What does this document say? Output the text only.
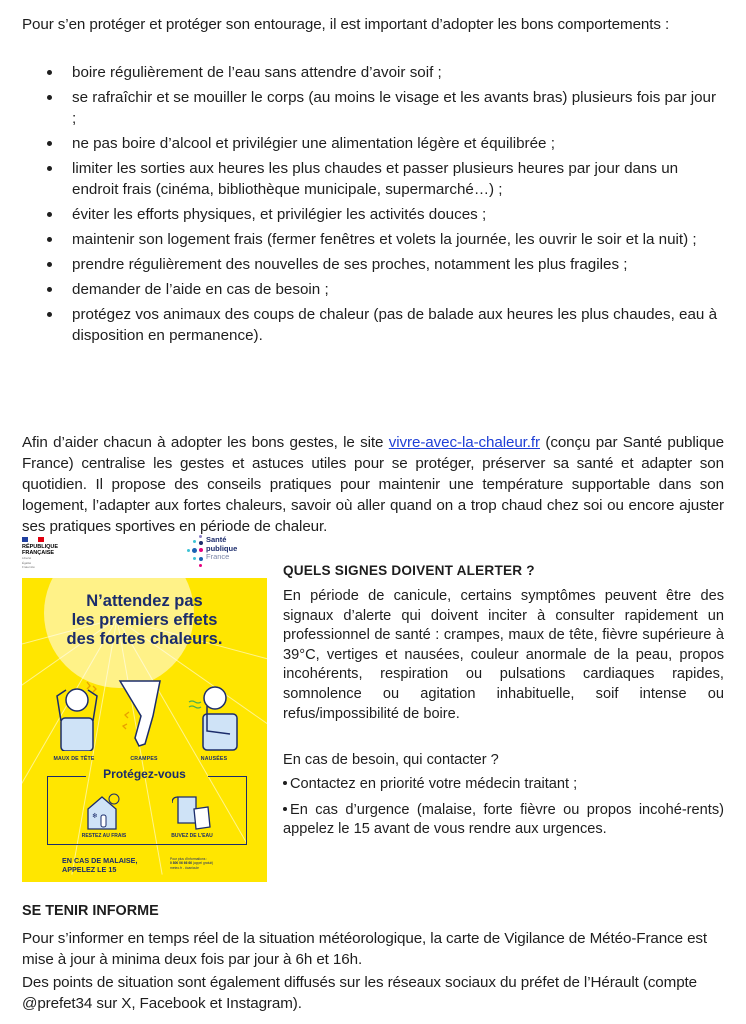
Pour s’en protéger et protéger son entourage, il est important d’adopter les bons comportements :
boire régulièrement de l’eau sans attendre d’avoir soif ;
se rafraîchir et se mouiller le corps (au moins le visage et les avants bras) plusieurs fois par jour ;
ne pas boire d’alcool et privilégier une alimentation légère et équilibrée ;
limiter les sorties aux heures les plus chaudes et passer plusieurs heures par jour dans un endroit frais (cinéma, bibliothèque municipale, supermarché…) ;
éviter les efforts physiques, et privilégier les activités douces ;
maintenir son logement frais (fermer fenêtres et volets la journée, les ouvrir le soir et la nuit) ;
prendre régulièrement des nouvelles de ses proches, notamment les plus fragiles ;
demander de l’aide en cas de besoin ;
protégez vos animaux des coups de chaleur (pas de balade aux heures les plus chaudes, eau à disposition en permanence).
Afin d’aider chacun à adopter les bons gestes, le site vivre-avec-la-chaleur.fr (conçu par Santé publique France) centralise les gestes et astuces utiles pour se protéger, préserver sa santé et adapter son quotidien. Il propose des conseils pratiques pour maintenir une température supportable dans son logement, l’adapter aux fortes chaleurs, savoir où aller quand on a trop chaud chez soi ou encore ajuster ses pratiques sportives en période de chaleur.
RÉPUBLIQUE
FRANÇAISE
Liberté
Égalité
Fraternité
Santé
publique
France
N’attendez pas
les premiers effets
des fortes chaleurs.
MAUX DE TÊTE	CRAMPES	NAUSÉES
Protégez-vous
❄
RESTEZ AU FRAIS	BUVEZ DE L’EAU
EN CAS DE MALAISE,
APPELEZ LE 15
Pour plus d’informations :
0 800 06 66 66 (appel gratuit)
meteo.fr - #canicule
QUELS SIGNES DOIVENT ALERTER ?
En période de canicule, certains symptômes peuvent être des signaux d’alerte qui doivent inciter à consulter rapidement un professionnel de santé : crampes, maux de tête, fièvre supérieure à 39°C, vertiges et nausées, couleur anormale de la peau, propos incohérents, respiration ou pulsations cardiaques rapides, somnolence ou agitation inhabituelle, soif intense ou refus/impossibilité de boire.
En cas de besoin, qui contacter ?
Contactez en priorité votre médecin traitant ;
En cas d’urgence (malaise, forte fièvre ou propos incohé-rents) appelez le 15 avant de vous rendre aux urgences.
SE TENIR INFORME
Pour s’informer en temps réel de la situation météorologique, la carte de Vigilance de Météo-France est mise à jour à minima deux fois par jour à 6h et 16h.
Des points de situation sont également diffusés sur les réseaux sociaux du préfet de l’Hérault (compte @prefet34 sur X, Facebook et Instagram).
